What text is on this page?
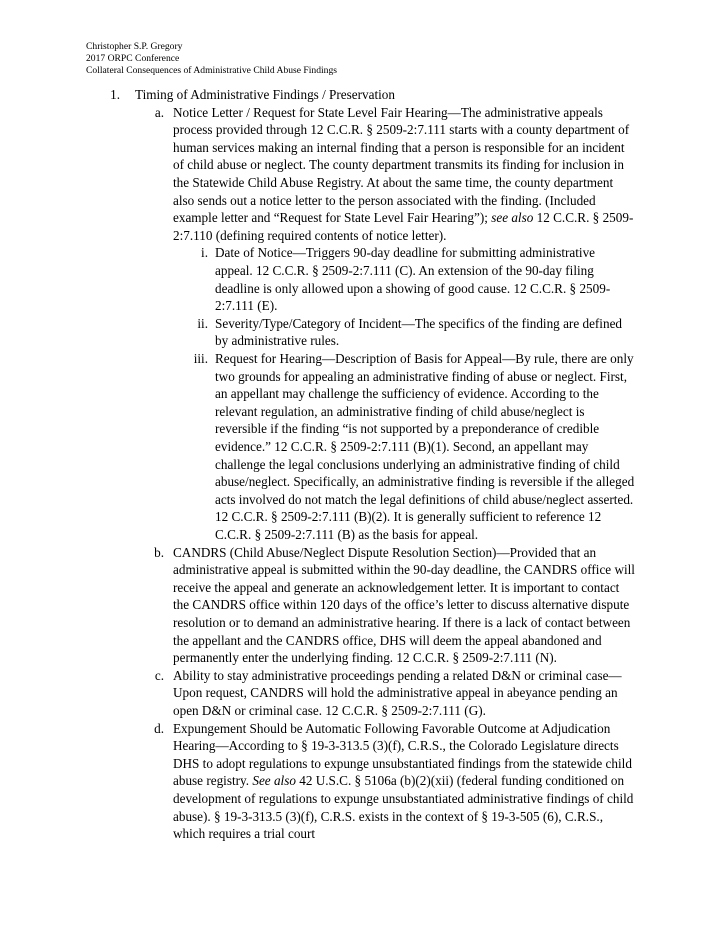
Christopher S.P. Gregory
2017 ORPC Conference
Collateral Consequences of Administrative Child Abuse Findings
1. Timing of Administrative Findings / Preservation
a. Notice Letter / Request for State Level Fair Hearing—The administrative appeals process provided through 12 C.C.R. § 2509-2:7.111 starts with a county department of human services making an internal finding that a person is responsible for an incident of child abuse or neglect. The county department transmits its finding for inclusion in the Statewide Child Abuse Registry. At about the same time, the county department also sends out a notice letter to the person associated with the finding. (Included example letter and “Request for State Level Fair Hearing”); see also 12 C.C.R. § 2509-2:7.110 (defining required contents of notice letter).
i. Date of Notice—Triggers 90-day deadline for submitting administrative appeal. 12 C.C.R. § 2509-2:7.111 (C). An extension of the 90-day filing deadline is only allowed upon a showing of good cause. 12 C.C.R. § 2509-2:7.111 (E).
ii. Severity/Type/Category of Incident—The specifics of the finding are defined by administrative rules.
iii. Request for Hearing—Description of Basis for Appeal—By rule, there are only two grounds for appealing an administrative finding of abuse or neglect. First, an appellant may challenge the sufficiency of evidence. According to the relevant regulation, an administrative finding of child abuse/neglect is reversible if the finding “is not supported by a preponderance of credible evidence.” 12 C.C.R. § 2509-2:7.111 (B)(1). Second, an appellant may challenge the legal conclusions underlying an administrative finding of child abuse/neglect. Specifically, an administrative finding is reversible if the alleged acts involved do not match the legal definitions of child abuse/neglect asserted. 12 C.C.R. § 2509-2:7.111 (B)(2). It is generally sufficient to reference 12 C.C.R. § 2509-2:7.111 (B) as the basis for appeal.
b. CANDRS (Child Abuse/Neglect Dispute Resolution Section)—Provided that an administrative appeal is submitted within the 90-day deadline, the CANDRS office will receive the appeal and generate an acknowledgement letter. It is important to contact the CANDRS office within 120 days of the office’s letter to discuss alternative dispute resolution or to demand an administrative hearing. If there is a lack of contact between the appellant and the CANDRS office, DHS will deem the appeal abandoned and permanently enter the underlying finding. 12 C.C.R. § 2509-2:7.111 (N).
c. Ability to stay administrative proceedings pending a related D&N or criminal case—Upon request, CANDRS will hold the administrative appeal in abeyance pending an open D&N or criminal case. 12 C.C.R. § 2509-2:7.111 (G).
d. Expungement Should be Automatic Following Favorable Outcome at Adjudication Hearing—According to § 19-3-313.5 (3)(f), C.R.S., the Colorado Legislature directs DHS to adopt regulations to expunge unsubstantiated findings from the statewide child abuse registry. See also 42 U.S.C. § 5106a (b)(2)(xii) (federal funding conditioned on development of regulations to expunge unsubstantiated administrative findings of child abuse). § 19-3-313.5 (3)(f), C.R.S. exists in the context of § 19-3-505 (6), C.R.S., which requires a trial court
